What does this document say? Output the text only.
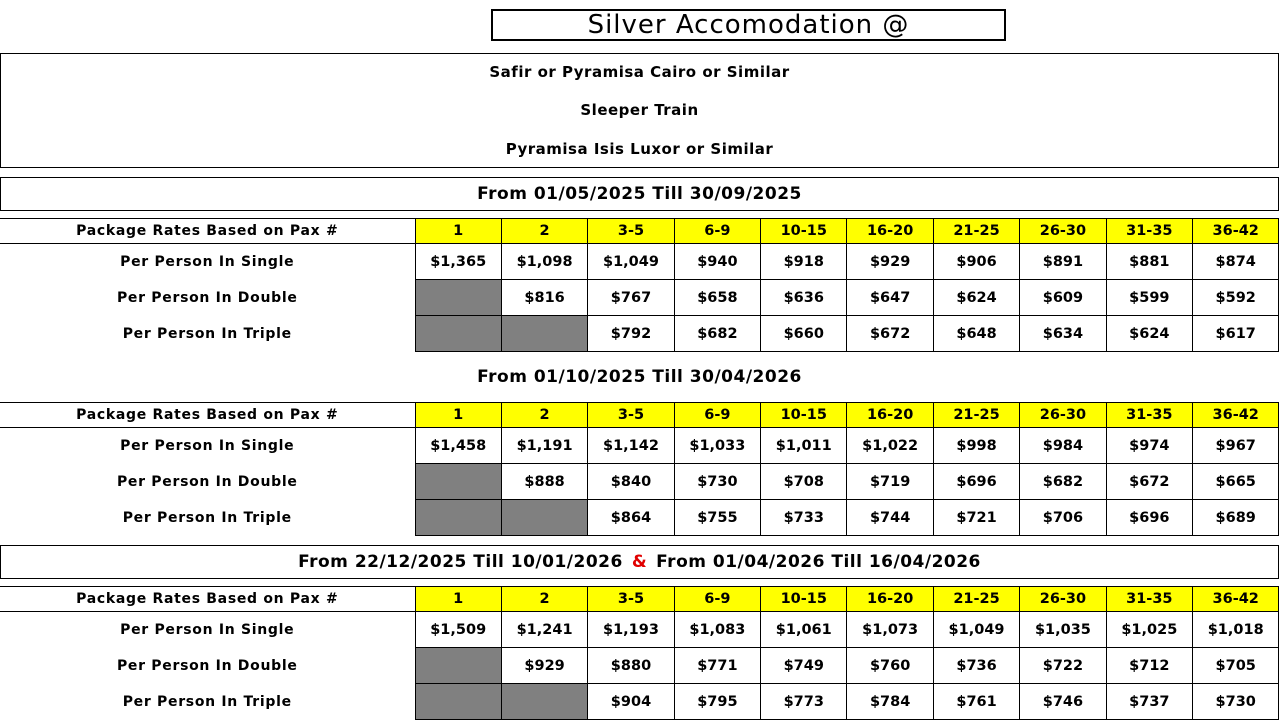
Silver Accomodation @
Safir or Pyramisa Cairo or Similar
Sleeper Train
Pyramisa Isis Luxor or Similar
From 01/05/2025 Till 30/09/2025
Package Rates Based on Pax #	1	2	3-5	6-9	10-15	16-20	21-25	26-30	31-35	36-42
Per Person In Single	$1,365	$1,098	$1,049	$940	$918	$929	$906	$891	$881	$874
Per Person In Double		$816	$767	$658	$636	$647	$624	$609	$599	$592
Per Person In Triple			$792	$682	$660	$672	$648	$634	$624	$617
From 01/10/2025 Till 30/04/2026
Package Rates Based on Pax #	1	2	3-5	6-9	10-15	16-20	21-25	26-30	31-35	36-42
Per Person In Single	$1,458	$1,191	$1,142	$1,033	$1,011	$1,022	$998	$984	$974	$967
Per Person In Double		$888	$840	$730	$708	$719	$696	$682	$672	$665
Per Person In Triple			$864	$755	$733	$744	$721	$706	$696	$689
From 22/12/2025 Till 10/01/2026 & From 01/04/2026 Till 16/04/2026
Package Rates Based on Pax #	1	2	3-5	6-9	10-15	16-20	21-25	26-30	31-35	36-42
Per Person In Single	$1,509	$1,241	$1,193	$1,083	$1,061	$1,073	$1,049	$1,035	$1,025	$1,018
Per Person In Double		$929	$880	$771	$749	$760	$736	$722	$712	$705
Per Person In Triple			$904	$795	$773	$784	$761	$746	$737	$730
